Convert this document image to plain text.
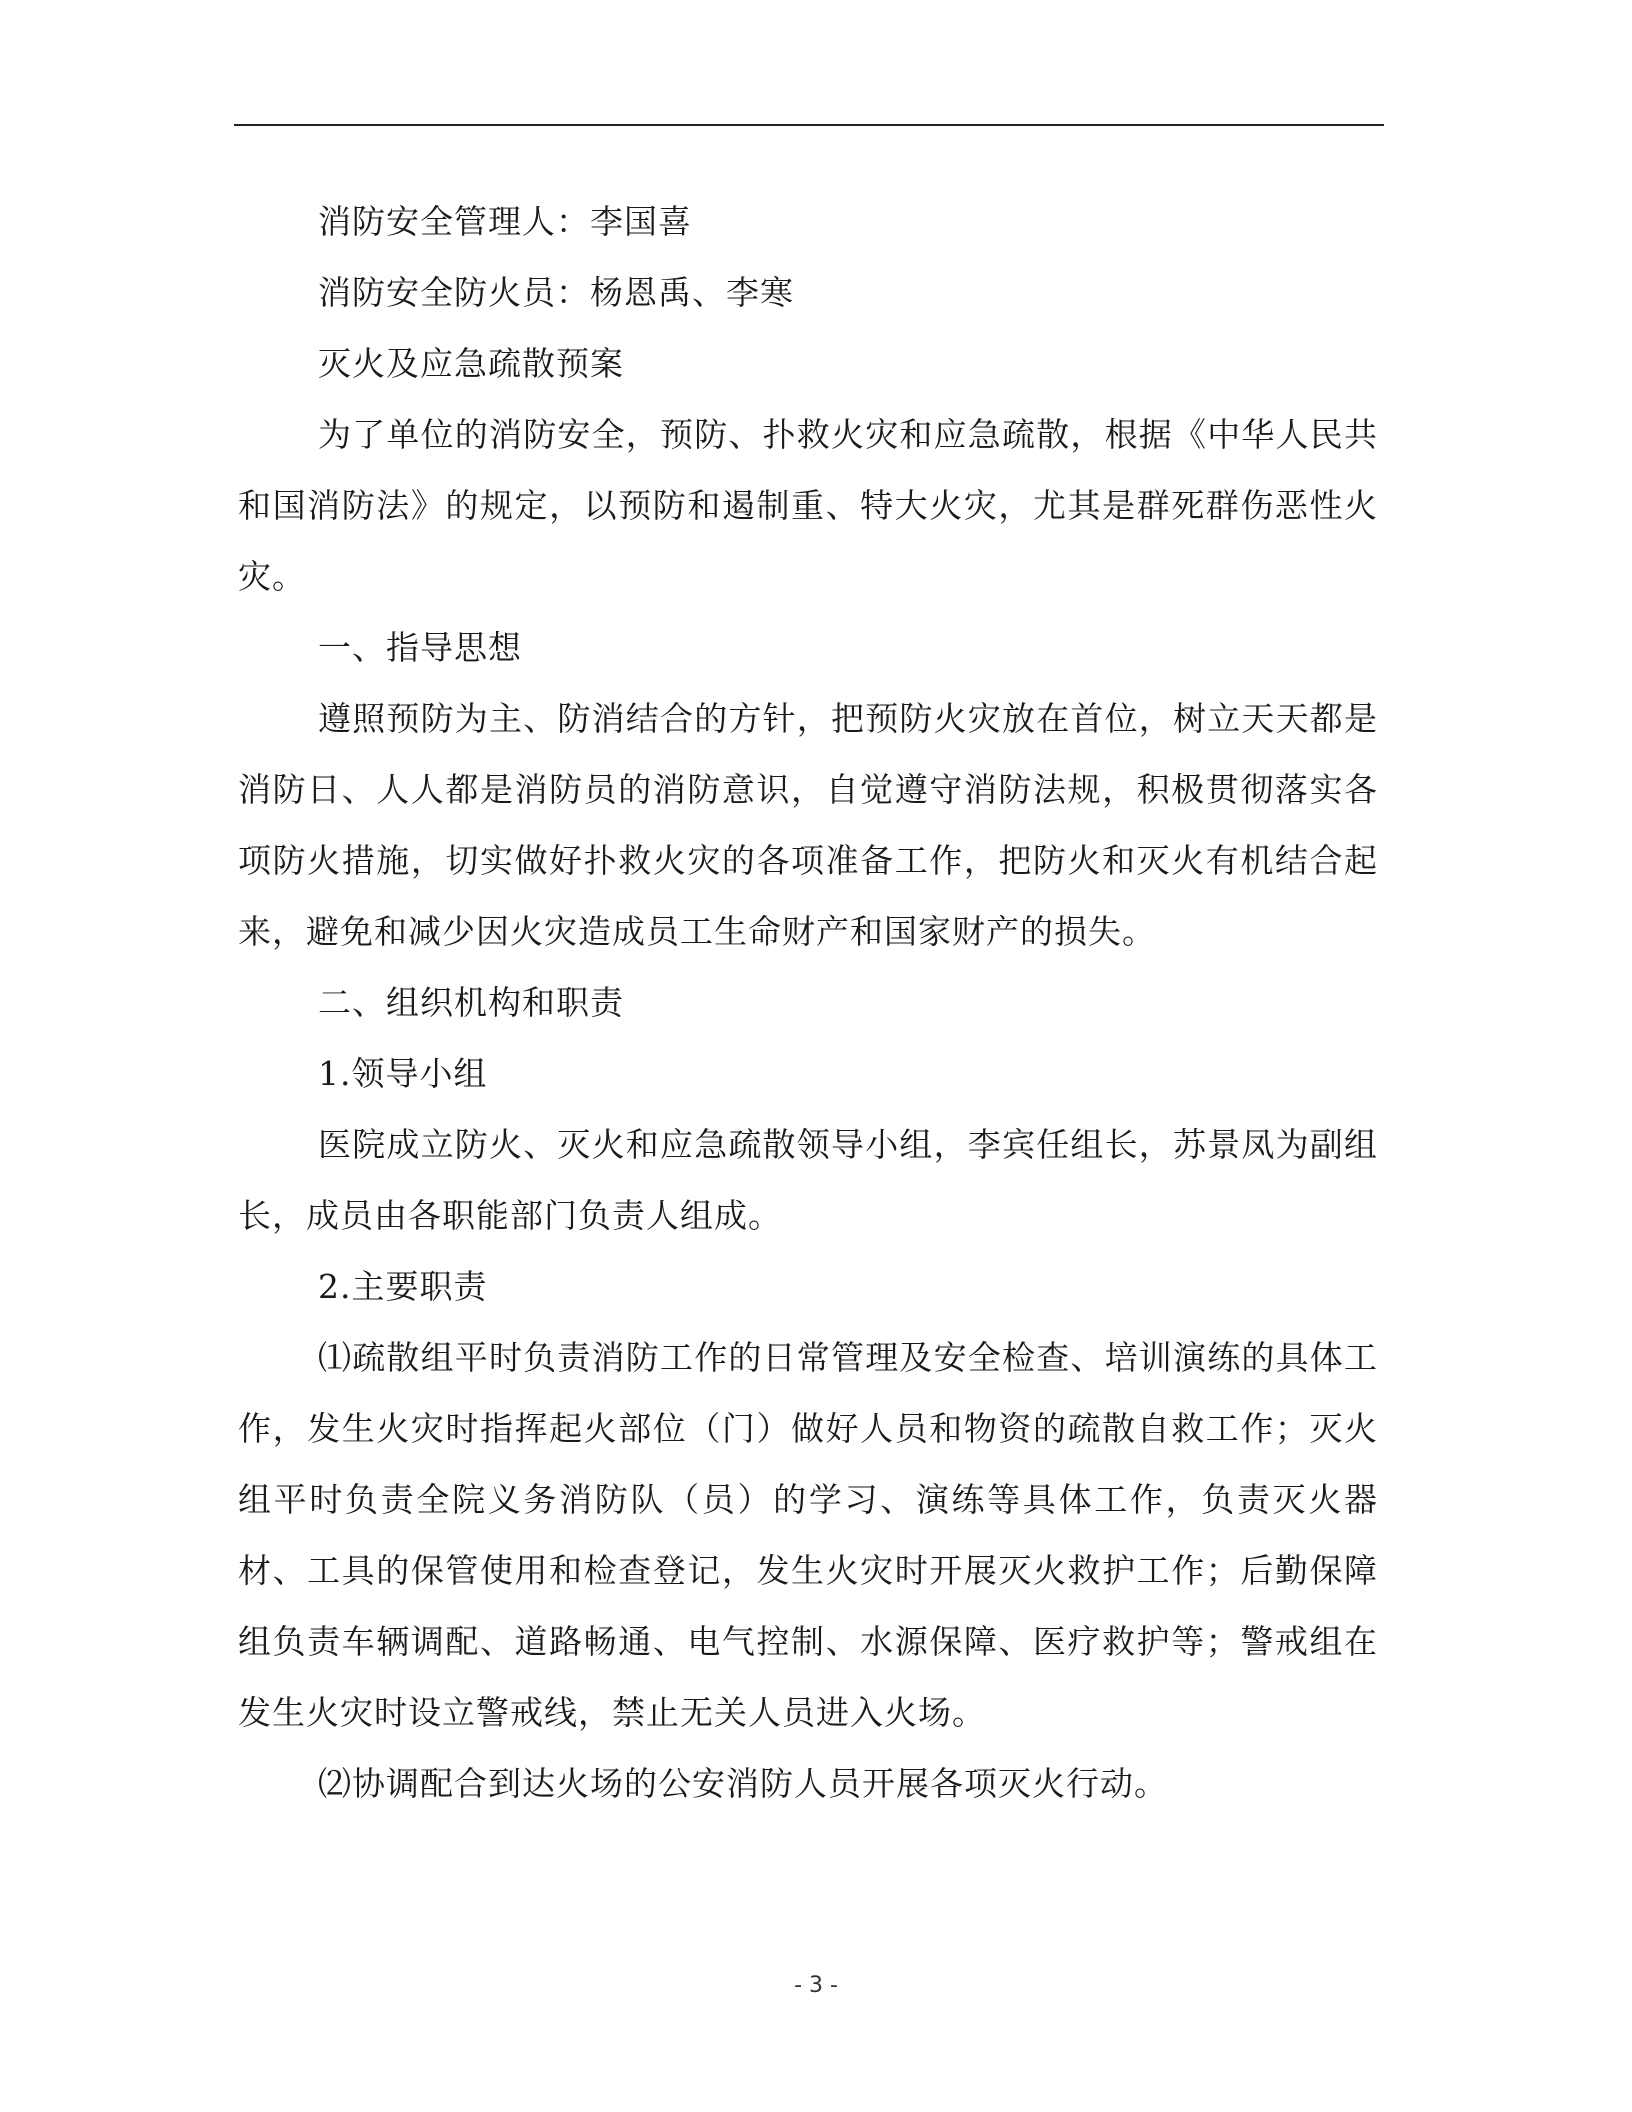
消防安全管理人：李国喜

消防安全防火员：杨恩禹、李寒

灭火及应急疏散预案

为了单位的消防安全，预防、扑救火灾和应急疏散，根据《中华人民共和国消防法》的规定，以预防和遏制重、特大火灾，尤其是群死群伤恶性火灾。

一、指导思想

遵照预防为主、防消结合的方针，把预防火灾放在首位，树立天天都是消防日、人人都是消防员的消防意识，自觉遵守消防法规，积极贯彻落实各项防火措施，切实做好扑救火灾的各项准备工作，把防火和灭火有机结合起来，避免和减少因火灾造成员工生命财产和国家财产的损失。

二、组织机构和职责

1.领导小组

医院成立防火、灭火和应急疏散领导小组，李宾任组长，苏景凤为副组长，成员由各职能部门负责人组成。

2.主要职责

⑴疏散组平时负责消防工作的日常管理及安全检查、培训演练的具体工作，发生火灾时指挥起火部位（门）做好人员和物资的疏散自救工作；灭火组平时负责全院义务消防队（员）的学习、演练等具体工作，负责灭火器材、工具的保管使用和检查登记，发生火灾时开展灭火救护工作；后勤保障组负责车辆调配、道路畅通、电气控制、水源保障、医疗救护等；警戒组在发生火灾时设立警戒线，禁止无关人员进入火场。

⑵协调配合到达火场的公安消防人员开展各项灭火行动。

- 3 -
